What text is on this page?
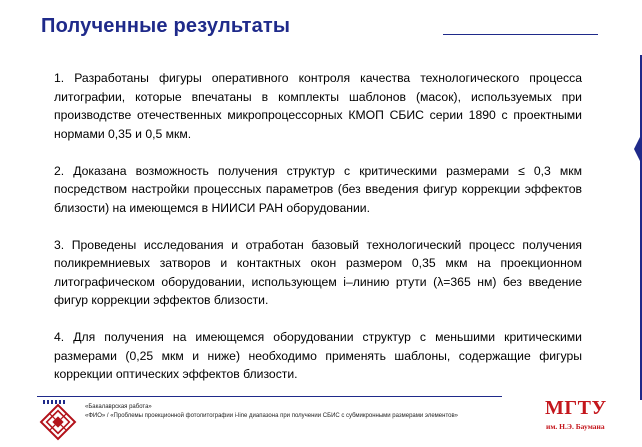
Полученные результаты

1. Разработаны фигуры оперативного контроля качества технологического процесса литографии, которые впечатаны в комплекты шаблонов (масок), используемых при производстве отечественных микропроцессорных КМОП СБИС серии 1890 с проектными нормами 0,35 и 0,5 мкм.

2. Доказана возможность получения структур с критическими размерами ≤ 0,3 мкм посредством настройки процессных параметров (без введения фигур коррекции эффектов близости) на имеющемся в НИИСИ РАН оборудовании.

3. Проведены исследования и отработан базовый технологический процесс получения поликремниевых затворов и контактных окон размером 0,35 мкм на проекционном литографическом оборудовании, использующем i–линию ртути (λ=365 нм) без введение фигур коррекции эффектов близости.

4. Для получения на имеющемся оборудовании структур с меньшими критическими размерами (0,25 мкм и ниже) необходимо применять шаблоны, содержащие фигуры коррекции оптических эффектов близости.

«Бакалаврская работа»
«ФИО» / «Проблемы проекционной фотолитографии i-line диапазона при получении СБИС с субмикронными размерами элементов»	МГТУ
им. Н.Э. Баумана
